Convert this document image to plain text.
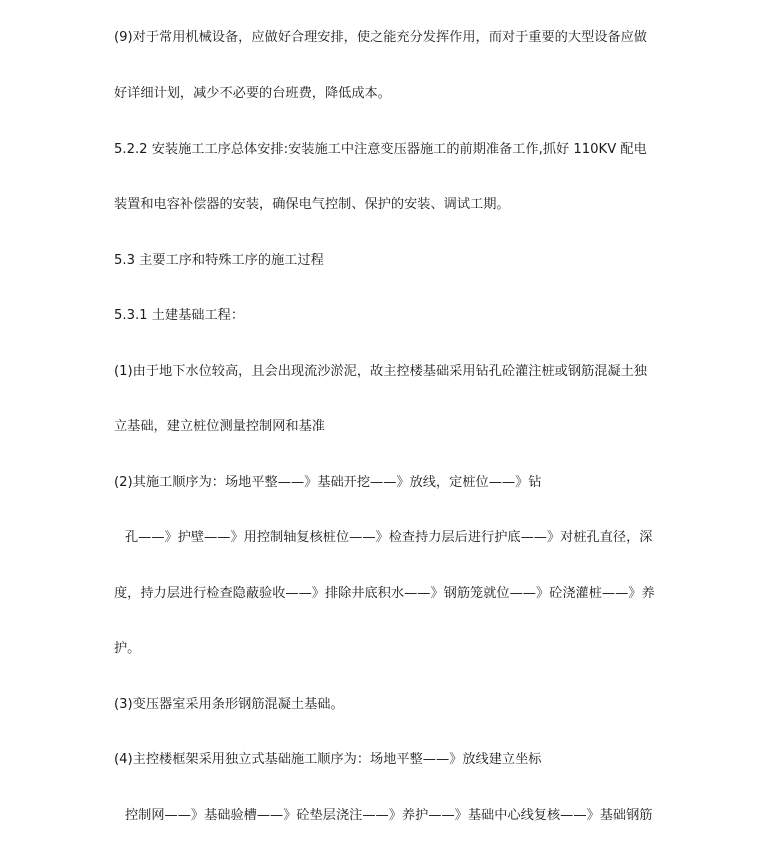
(9)对于常用机械设备，应做好合理安排，使之能充分发挥作用，而对于重要的大型设备应做
好详细计划，减少不必要的台班费，降低成本。
5.2.2 安装施工工序总体安排:安装施工中注意变压器施工的前期准备工作,抓好 110KV 配电
装置和电容补偿器的安装，确保电气控制、保护的安装、调试工期。
5.3 主要工序和特殊工序的施工过程
5.3.1 土建基础工程：
(1)由于地下水位较高，且会出现流沙淤泥，故主控楼基础采用钻孔砼灌注桩或钢筋混凝土独
立基础，建立桩位测量控制网和基准
(2)其施工顺序为：场地平整——》基础开挖——》放线，定桩位——》钻
孔——》护壁——》用控制轴复核桩位——》检查持力层后进行护底——》对桩孔直径，深
度，持力层进行检查隐蔽验收——》排除井底积水——》钢筋笼就位——》砼浇灌桩——》养
护。
(3)变压器室采用条形钢筋混凝土基础。
(4)主控楼框架采用独立式基础施工顺序为：场地平整——》放线建立坐标
控制网——》基础验槽——》砼垫层浇注——》养护——》基础中心线复核——》基础钢筋
